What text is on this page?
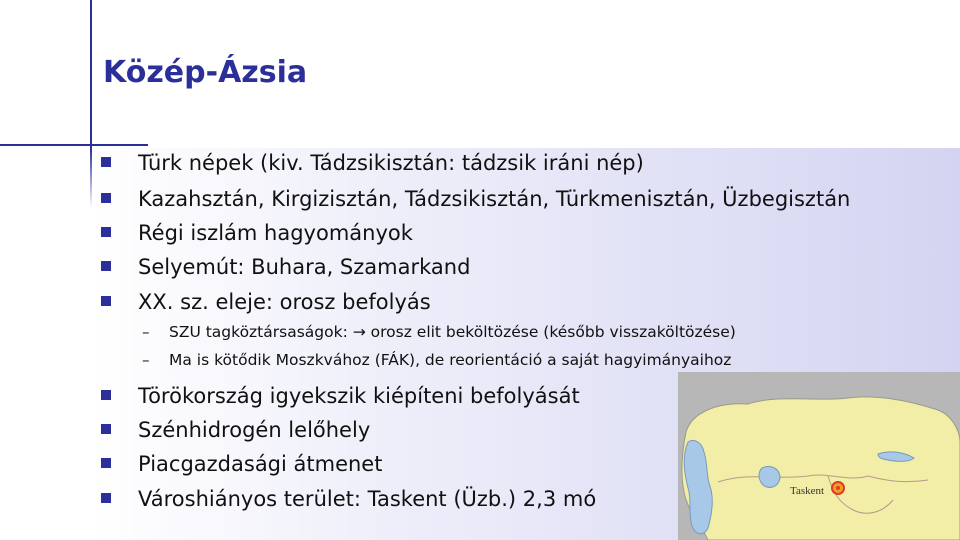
Közép-Ázsia
Türk népek (kiv. Tádzsikisztán: tádzsik iráni nép)
Kazahsztán, Kirgizisztán, Tádzsikisztán, Türkmenisztán, Üzbegisztán
Régi iszlám hagyományok
Selyemút: Buhara, Szamarkand
XX. sz. eleje: orosz befolyás
– SZU tagköztársaságok: → orosz elit beköltözése (később visszaköltözése)
– Ma is kötődik Moszkvához (FÁK), de reorientáció a saját hagyimányaihoz
Törökország igyekszik kiépíteni befolyását
Szénhidrogén lelőhely
Piacgazdasági átmenet
Városhiányos terület: Taskent (Üzb.) 2,3 mó	Taskent
